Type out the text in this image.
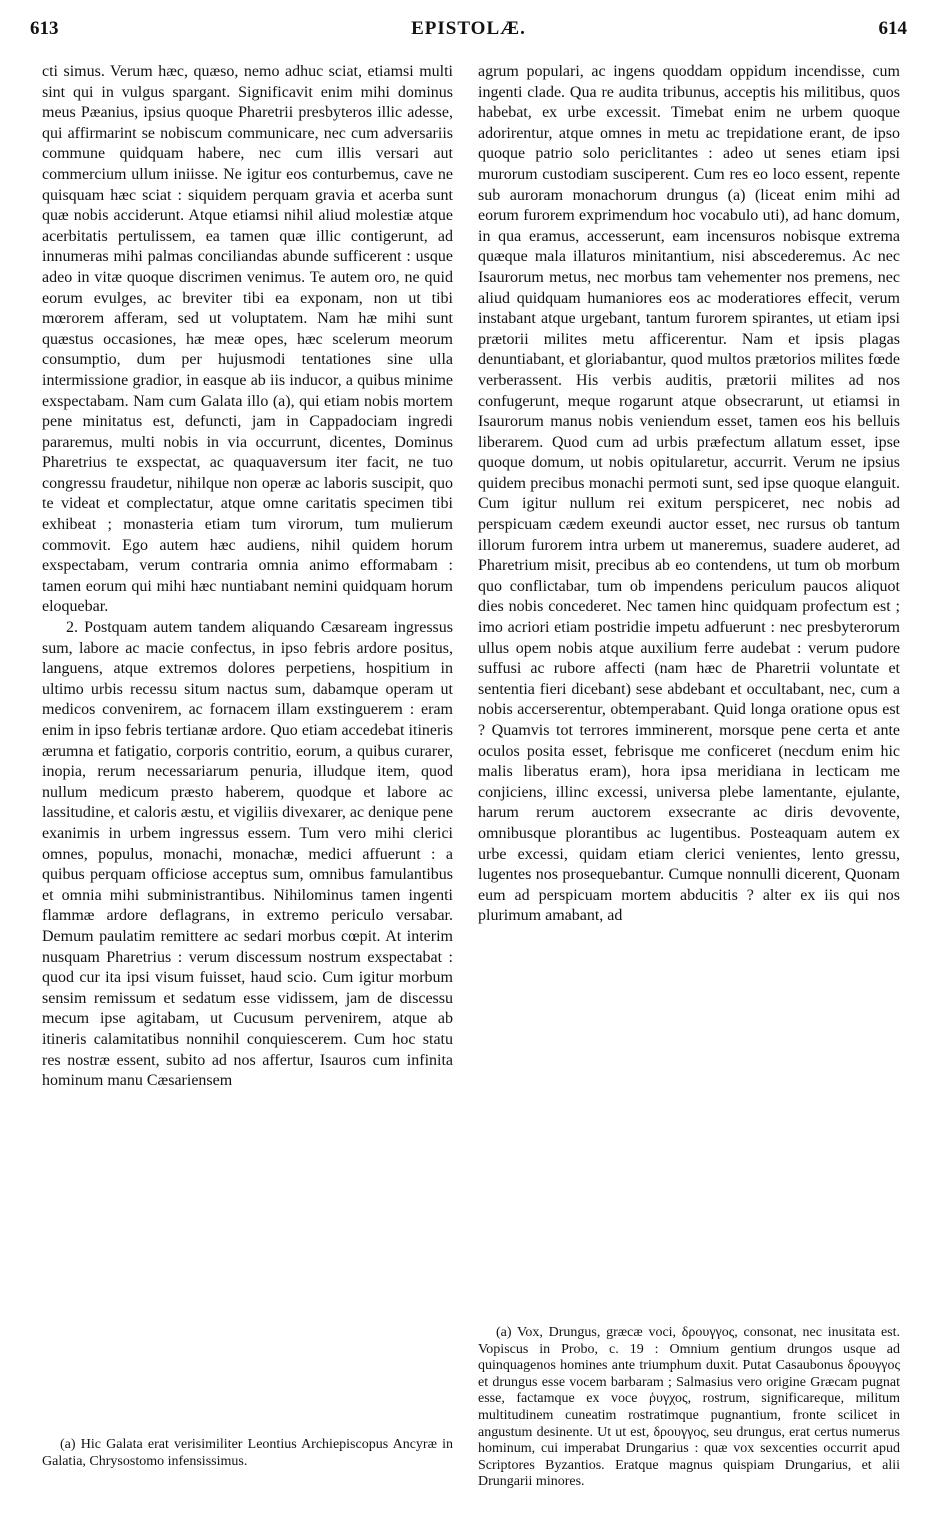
613	EPISTOLÆ.	614

cti simus. Verum hæc, quæso, nemo adhuc sciat, etiamsi multi sint qui in vulgus spargant. Significavit enim mihi dominus meus Pæanius, ipsius quoque Pharetrii presbyteros illic adesse, qui affirmarint se nobiscum communicare, nec cum adversariis commune quidquam habere, nec cum illis versari aut commercium ullum iniisse. Ne igitur eos conturbemus, cave ne quisquam hæc sciat : siquidem perquam gravia et acerba sunt quæ nobis acciderunt. Atque etiamsi nihil aliud molestiæ atque acerbitatis pertulissem, ea tamen quæ illic contigerunt, ad innumeras mihi palmas conciliandas abunde sufficerent : usque adeo in vitæ quoque discrimen venimus. Te autem oro, ne quid eorum evulges, ac breviter tibi ea exponam, non ut tibi mœrorem afferam, sed ut voluptatem. Nam hæ mihi sunt quæstus occasiones, hæ meæ opes, hæc scelerum meorum consumptio, dum per hujusmodi tentationes sine ulla intermissione gradior, in easque ab iis inducor, a quibus minime exspectabam. Nam cum Galata illo (a), qui etiam nobis mortem pene minitatus est, defuncti, jam in Cappadociam ingredi pararemus, multi nobis in via occurrunt, dicentes, Dominus Pharetrius te exspectat, ac quaquaversum iter facit, ne tuo congressu fraudetur, nihilque non operæ ac laboris suscipit, quo te videat et complectatur, atque omne caritatis specimen tibi exhibeat ; monasteria etiam tum virorum, tum mulierum commovit. Ego autem hæc audiens, nihil quidem horum exspectabam, verum contraria omnia animo efformabam : tamen eorum qui mihi hæc nuntiabant nemini quidquam horum eloquebar.

2. Postquam autem tandem aliquando Cæsaream ingressus sum, labore ac macie confectus, in ipso febris ardore positus, languens, atque extremos dolores perpetiens, hospitium in ultimo urbis recessu situm nactus sum, dabamque operam ut medicos convenirem, ac fornacem illam exstinguerem : eram enim in ipso febris tertianæ ardore. Quo etiam accedebat itineris ærumna et fatigatio, corporis contritio, eorum, a quibus curarer, inopia, rerum necessariarum penuria, illudque item, quod nullum medicum præsto haberem, quodque et labore ac lassitudine, et caloris æstu, et vigiliis divexarer, ac denique pene exanimis in urbem ingressus essem. Tum vero mihi clerici omnes, populus, monachi, monachæ, medici affuerunt : a quibus perquam officiose acceptus sum, omnibus famulantibus et omnia mihi subministrantibus. Nihilominus tamen ingenti flammæ ardore deflagrans, in extremo periculo versabar. Demum paulatim remittere ac sedari morbus cœpit. At interim nusquam Pharetrius : verum discessum nostrum exspectabat : quod cur ita ipsi visum fuisset, haud scio. Cum igitur morbum sensim remissum et sedatum esse vidissem, jam de discessu mecum ipse agitabam, ut Cucusum pervenirem, atque ab itineris calamitatibus nonnihil conquiescerem. Cum hoc statu res nostræ essent, subito ad nos affertur, Isauros cum infinita hominum manu Cæsariensem

agrum populari, ac ingens quoddam oppidum incendisse, cum ingenti clade. Qua re audita tribunus, acceptis his militibus, quos habebat, ex urbe excessit. Timebat enim ne urbem quoque adorirentur, atque omnes in metu ac trepidatione erant, de ipso quoque patrio solo periclitantes : adeo ut senes etiam ipsi murorum custodiam susciperent. Cum res eo loco essent, repente sub auroram monachorum drungus (a) (liceat enim mihi ad eorum furorem exprimendum hoc vocabulo uti), ad hanc domum, in qua eramus, accesserunt, eam incensuros nobisque extrema quæque mala illaturos minitantium, nisi abscederemus. Ac nec Isaurorum metus, nec morbus tam vehementer nos premens, nec aliud quidquam humaniores eos ac moderatiores effecit, verum instabant atque urgebant, tantum furorem spirantes, ut etiam ipsi prætorii milites metu afficerentur. Nam et ipsis plagas denuntiabant, et gloriabantur, quod multos prætorios milites fœde verberassent. His verbis auditis, prætorii milites ad nos confugerunt, meque rogarunt atque obsecrarunt, ut etiamsi in Isaurorum manus nobis veniendum esset, tamen eos his belluis liberarem. Quod cum ad urbis præfectum allatum esset, ipse quoque domum, ut nobis opitularetur, accurrit. Verum ne ipsius quidem precibus monachi permoti sunt, sed ipse quoque elanguit. Cum igitur nullum rei exitum perspiceret, nec nobis ad perspicuam cædem exeundi auctor esset, nec rursus ob tantum illorum furorem intra urbem ut maneremus, suadere auderet, ad Pharetrium misit, precibus ab eo contendens, ut tum ob morbum quo conflictabar, tum ob impendens periculum paucos aliquot dies nobis concederet. Nec tamen hinc quidquam profectum est ; imo acriori etiam postridie impetu adfuerunt : nec presbyterorum ullus opem nobis atque auxilium ferre audebat : verum pudore suffusi ac rubore affecti (nam hæc de Pharetrii voluntate et sententia fieri dicebant) sese abdebant et occultabant, nec, cum a nobis accerserentur, obtemperabant. Quid longa oratione opus est ? Quamvis tot terrores imminerent, morsque pene certa et ante oculos posita esset, febrisque me conficeret (necdum enim hic malis liberatus eram), hora ipsa meridiana in lecticam me conjiciens, illinc excessi, universa plebe lamentante, ejulante, harum rerum auctorem exsecrante ac diris devovente, omnibusque plorantibus ac lugentibus. Posteaquam autem ex urbe excessi, quidam etiam clerici venientes, lento gressu, lugentes nos prosequebantur. Cumque nonnulli dicerent, Quonam eum ad perspicuam mortem abducitis ? alter ex iis qui nos plurimum amabant, ad

(a) Hic Galata erat verisimiliter Leontius Archiepiscopus Ancyræ in Galatia, Chrysostomo infensissimus.

(a) Vox, Drungus, græcæ voci, δρουγγος, consonat, nec inusitata est. Vopiscus in Probo, c. 19 : Omnium gentium drungos usque ad quinquagenos homines ante triumphum duxit. Putat Casaubonus δρουγγος et drungus esse vocem barbaram ; Salmasius vero origine Græcam pugnat esse, factamque ex voce ῥυγχος, rostrum, significareque, militum multitudinem cuneatim rostratimque pugnantium, fronte scilicet in angustum desinente. Ut ut est, δρουγγος, seu drungus, erat certus numerus hominum, cui imperabat Drungarius : quæ vox sexcenties occurrit apud Scriptores Byzantios. Eratque magnus quispiam Drungarius, et alii Drungarii minores.
